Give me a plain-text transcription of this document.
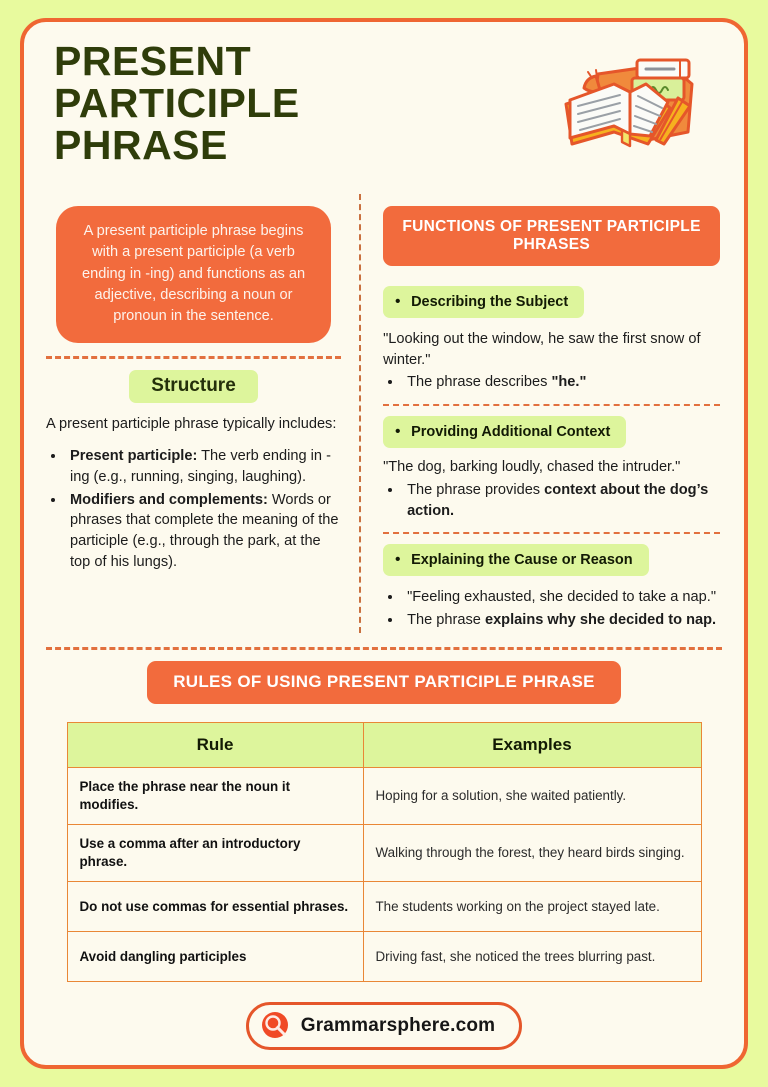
PRESENT PARTICIPLE PHRASE
A present participle phrase begins with a present participle (a verb ending in -ing) and functions as an adjective, describing a noun or pronoun in the sentence.
Structure
A present participle phrase typically includes:
• Present participle: The verb ending in -ing (e.g., running, singing, laughing).
• Modifiers and complements: Words or phrases that complete the meaning of the participle (e.g., through the park, at the top of his lungs).
FUNCTIONS OF PRESENT PARTICIPLE PHRASES
• Describing the Subject
"Looking out the window, he saw the first snow of winter."
• The phrase describes "he."
• Providing Additional Context
"The dog, barking loudly, chased the intruder."
• The phrase provides context about the dog’s action.
• Explaining the Cause or Reason
• "Feeling exhausted, she decided to take a nap."
• The phrase explains why she decided to nap.
RULES OF USING PRESENT PARTICIPLE PHRASE
Rule	Examples
Place the phrase near the noun it modifies.	Hoping for a solution, she waited patiently.
Use a comma after an introductory phrase.	Walking through the forest, they heard birds singing.
Do not use commas for essential phrases.	The students working on the project stayed late.
Avoid dangling participles	Driving fast, she noticed the trees blurring past.
Grammarsphere.com
